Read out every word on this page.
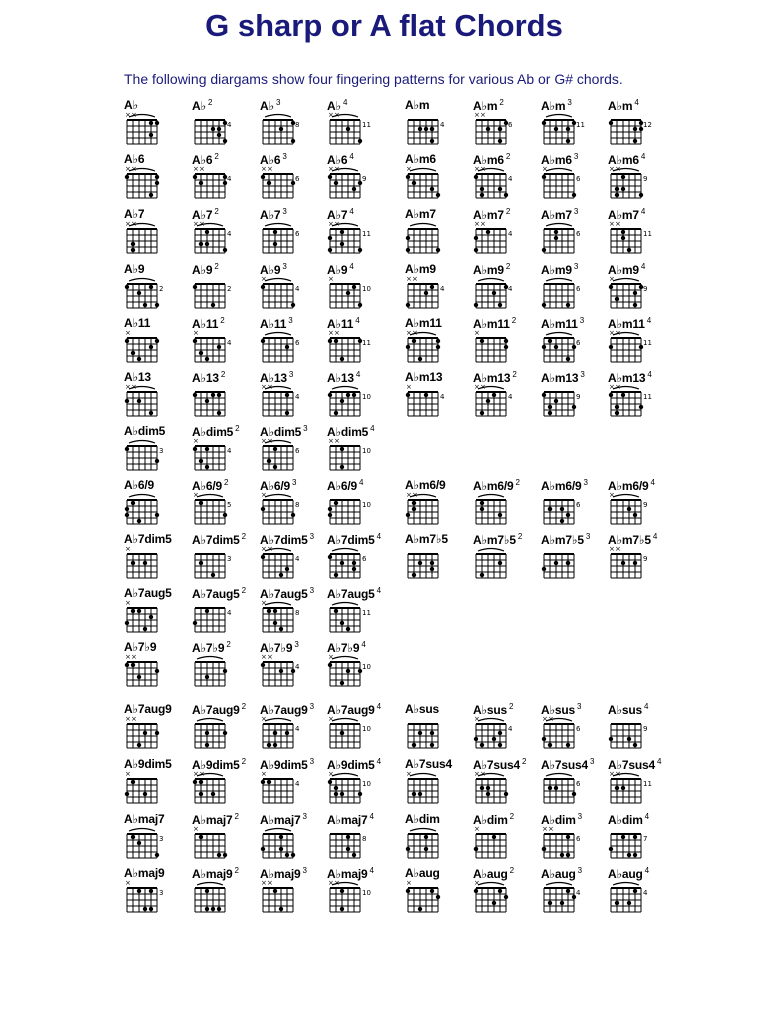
G sharp or A flat Chords
The following diargams show four fingering patterns for various Ab or G# chords.
A♭
× ×
A♭ $^2$
4
A♭ $^3$
8
A♭ $^4$
× ×
11
A♭m
4
A♭m $^2$
× ×
6
A♭m $^3$
11
A♭m $^4$
12
A♭6
× ×
A♭6 $^2$
× ×
4
A♭6 $^3$
× ×
6
A♭6 $^4$
× ×
9
A♭m6
×
A♭m6 $^2$
× ×
4
A♭m6 $^3$
×
6
A♭m6 $^4$
× ×
9
A♭7
× ×
A♭7 $^2$
× ×
4
A♭7 $^3$
6
A♭7 $^4$
× ×
11
A♭m7	A♭m7 $^2$
× ×
4
A♭m7 $^3$
6
A♭m7 $^4$
× ×
11
A♭9
2
A♭9 $^2$
2
A♭9 $^3$
×
4
A♭9 $^4$
×
10
A♭m9
× ×
4
A♭m9 $^2$
4
A♭m9 $^3$
6
A♭m9 $^4$
×
9
A♭11
×
A♭11 $^2$
×
4
A♭11 $^3$
6
A♭11 $^4$
× ×
11
A♭m11
× ×
A♭m11 $^2$
×
A♭m11 $^3$
6
A♭m11 $^4$
× ×
11
A♭13
× ×
A♭13 $^2$	A♭13 $^3$
× ×
4
A♭13 $^4$
10
A♭m13
×
4
A♭m13 $^2$
× ×
4
A♭m13 $^3$
9
A♭m13 $^4$
× ×
11
A♭dim5
3
A♭dim5 $^2$
×
4
A♭dim5 $^3$
× ×
6
A♭dim5 $^4$
× ×
10
A♭6/9	A♭6/9 $^2$
×
5
A♭6/9 $^3$
×
8
A♭6/9 $^4$
10
A♭m6/9
× ×
A♭m6/9 $^2$ A♭m6/9 $^3$
6
A♭m6/9 $^4$
×
9
A♭7dim5
×
A♭7dim5 $^2$
3
A♭7dim5 $^3$
× ×
4
A♭7dim5 $^4$
6
A♭m7♭5 A♭m7♭5 $^2$ A♭m7♭5 $^3$ A♭m7♭5 $^4$
× ×
9
A♭7aug5
×
A♭7aug5 $^2$
4
A♭7aug5 $^3$
×
8
A♭7aug5 $^4$
11
A♭7♭9
× ×
A♭7♭9 $^2$ A♭7♭9 $^3$
× ×
4
A♭7♭9 $^4$
×
10
A♭7aug9
× ×
A♭7aug9 $^2$ A♭7aug9 $^3$
×
4
A♭7aug9 $^4$
×
10
A♭sus	A♭sus $^2$
×
4
A♭sus $^3$
× ×
6
A♭sus $^4$
9
A♭9dim5
×
A♭9dim5 $^2$
× ×
A♭9dim5 $^3$
×
4
A♭9dim5 $^4$
×
10
A♭7sus4
×
A♭7sus4 $^2$
× ×
A♭7sus4 $^3$
6
A♭7sus4 $^4$
× ×
11
A♭maj7
3
A♭maj7 $^2$
×
A♭maj7 $^3$ A♭maj7 $^4$
8
A♭dim	A♭dim $^2$
×
A♭dim $^3$
× ×
6
A♭dim $^4$
7
A♭maj9
×
3
A♭maj9 $^2$ A♭maj9 $^3$
× ×
A♭maj9 $^4$
× ×
10
A♭aug
×
A♭aug $^2$
×
A♭aug $^3$
4
A♭aug $^4$
4
